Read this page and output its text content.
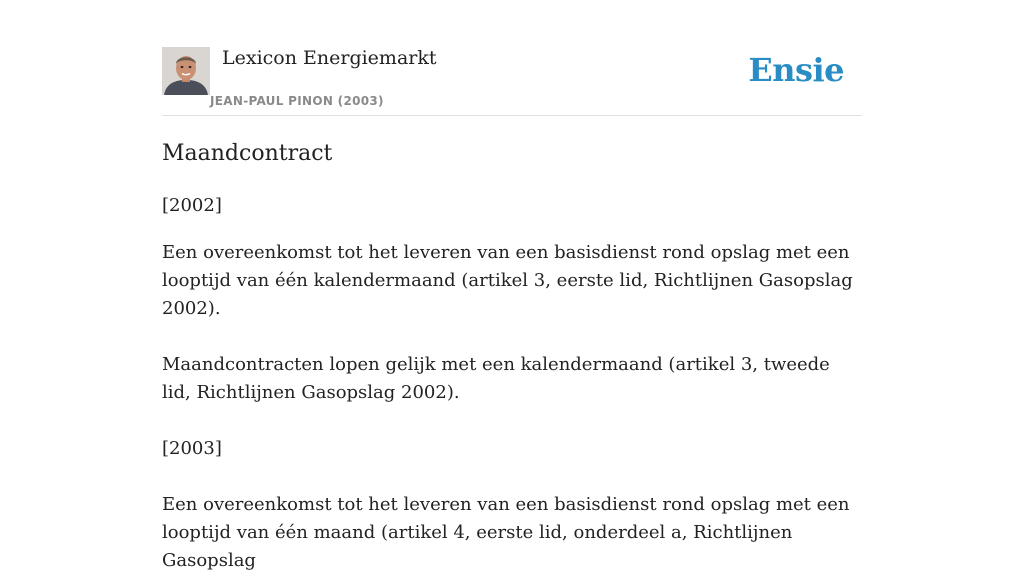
Lexicon Energiemarkt
JEAN-PAUL PINON (2003)
Ensie
Maandcontract

[2002]

Een overeenkomst tot het leveren van een basisdienst rond opslag met een looptijd van één kalendermaand (artikel 3, eerste lid, Richtlijnen Gasopslag 2002).

Maandcontracten lopen gelijk met een kalendermaand (artikel 3, tweede lid, Richtlijnen Gasopslag 2002).

[2003]

Een overeenkomst tot het leveren van een basisdienst rond opslag met een looptijd van één maand (artikel 4, eerste lid, onderdeel a, Richtlijnen Gasopslag
